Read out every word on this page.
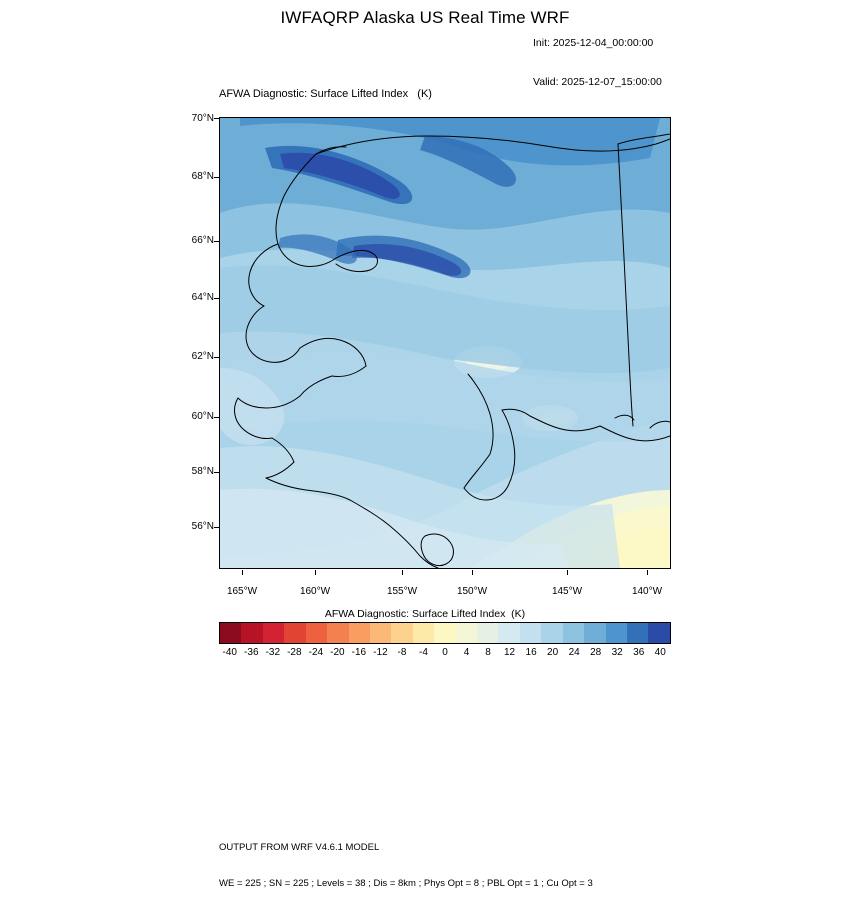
IWFAQRP Alaska US Real Time WRF

Init: 2025-12-04_00:00:00

Valid: 2025-12-07_15:00:00

AFWA Diagnostic: Surface Lifted Index   (K)
70°N
68°N
66°N
64°N
62°N
60°N
58°N
56°N
165°W	160°W	155°W	150°W	145°W	140°W
AFWA Diagnostic: Surface Lifted Index  (K)
-40 -36 -32 -28 -24 -20 -16 -12 -8 -4 0 4 8 12 16 20 24 28 32 36 40

OUTPUT FROM WRF V4.6.1 MODEL

WE = 225 ; SN = 225 ; Levels = 38 ; Dis = 8km ; Phys Opt = 8 ; PBL Opt = 1 ; Cu Opt = 3
